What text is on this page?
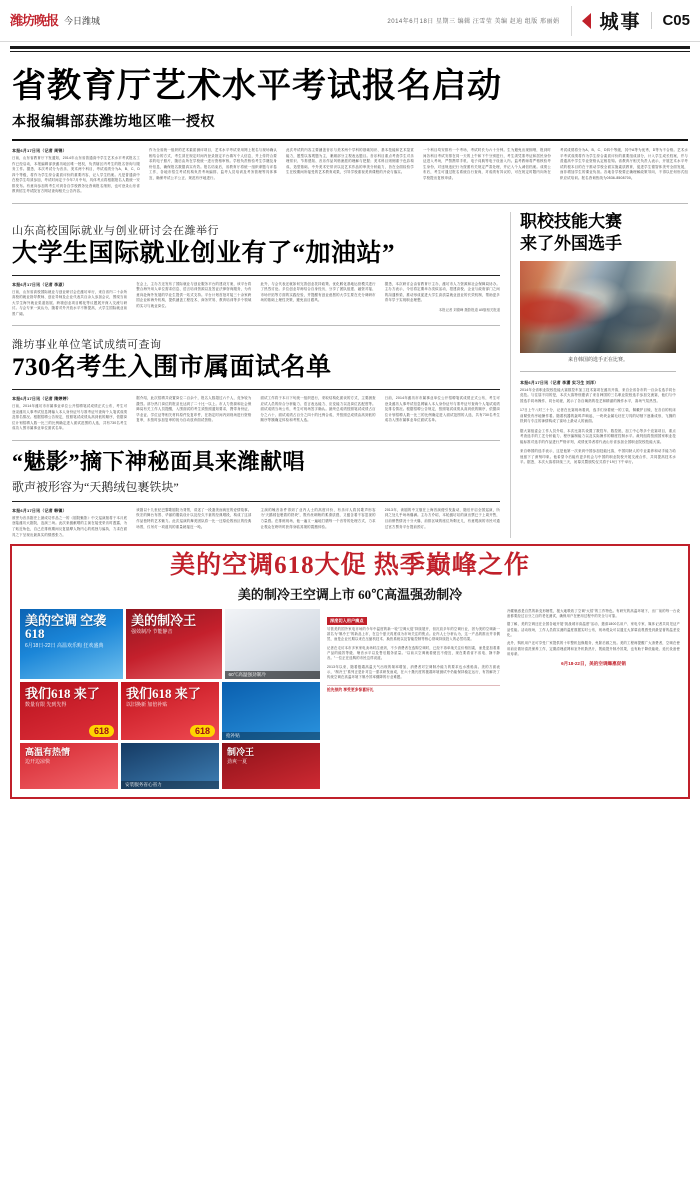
潍坊晚报 今日潍城	2014年6月18日 星期三 编辑 汪雪莹 美编 赵迪 组版 邢丽娟 城事	C05
省教育厅艺术水平考试报名启动
本报编辑部获潍坊地区唯一授权
本报6月17日讯（记者 周锦）
日前，山东省教育厅下发通知，2014年山东省普通高中学生艺术水平考试报名工作已经启动，本报编辑部获潍坊地区唯一授权，负责辖区内考生的报名咨询与服务工作。据悉，本次考试分为音乐、美术两个科目，考试成绩分为A、B、C、D四个等级，将作为学生综合素质评价的重要内容，记入学生档案。凡是普通高中在校学生均须参加，考试时间定于今年7月中旬，具体考点将根据报名人数统一安排发布。有意向参加的考生可到各自学校教务处咨询报名细则，也可登录山东省教育招生考试院官方网站查询相关公告内容。
作为全省统一组织的艺术素质测评项目，艺术水平考试采用网上报名与现场确认相结合的方式，考生须在规定时间内登录指定平台填写个人信息，并上传符合要求的电子照片，随后由所在学校统一进行资格审核。学校负责核验考生学籍及身份信息，确保报名数据真实有效。报名结束后，省教育厅将统一组织命题与评卷工作，各地市招生考试机构负责考场编排、监考人员培训及考务管理等具体事宜，确保考试公平公正、规范有序地进行。
此次考试的内容主要涵盖音乐与美术两个学科的基础知识、基本技能和艺术鉴赏能力，题型以客观题为主，兼顾部分主观表达题目。音乐科目重点考查学生对乐理常识、节奏感知、音乐作品风格流派的理解与把握；美术科目则侧重于色彩构成、造型基础、中外美术史常识以及艺术作品的审美分析能力，旨在全面检验学生在校期间所接受的艺术教育成果，引导学校重视美育课程的开设与落实。
一个科目均安排有一个考场，考试时长为六十分钟。生为避免出现拥堵，报到时间各科目考试安排在同一天的上午和下午分别进行，考生须凭准考证和居民身份证进入考场，严禁携带手机、电子词典等电子设备入内。监考教师将严格核验考生身份，对违规违纪行为按照有关规定严肃处理，并记入个人诚信档案。成绩公布后，考生可通过报名系统自行查询，对成绩有异议的，可在规定时限内向所在学校提出复核申请。
考试成绩将分为A、B、C、D四个等级，其中A等为优秀，D等为不合格。艺术水平考试成绩将作为学生综合素质评价的重要组成部分，计入学生成长档案，并与普通高中学生毕业资格认定相挂钩。省教育厅相关负责人表示，开展艺术水平考试的根本目的在于推动学校全面实施素质教育，促进学生德智体美劳全面发展，而非增加学生的课业负担。各地各学校要正确理解政策导向，不得以任何形式组织应试培训。报名咨询热线为0536-8508700。
山东高校国际就业与创业研讨会在潍举行
大学生国际就业创业有了“加油站”
本报6月17日讯（记者 李淑）
日前，山东省高校国际就业与创业研讨会在潍坊举行，来自省内二十余所高校的就业指导教师、创业导师及企业代表共百余人参加会议，围绕当前大学生海外就业渠道拓展、跨境创业项目孵化等议题展开深入交流与研讨。与会专家一致认为，随着对外开放水平不断提高，大学生国际就业前景广阔。
在会上，主办方还发布了国际就业与创业服务平台的建设方案，该平台将整合海外用人单位需求信息、语言培训资源以及签证法律咨询服务，为有意向赴海外发展的毕业生提供一站式支持。平台计划首批对接三十余家跨国企业和海外机构，提供涵盖工程技术、商务贸易、教育培训等多个领域的实习与就业岗位。
此外，与会代表还就如何完善创业扶持政策、优化孵化基地运营模式进行了热烈讨论。多位创业导师结合自身经历，分享了团队组建、融资对接、市场开拓等方面的实践经验，并提醒有创业意愿的大学生要在充分调研市场的基础上理性决策，避免盲目跟风。
据悉，本次研讨会由省教育厅主办，潍坊市人力资源和社会保障局协办。主办方表示，今后将定期举办类似活动，搭建高校、企业与政府部门之间的沟通桥梁，推动形成促进大学生高质量就业创业的长效机制，帮助更多青年学子实现职业理想。
本报记者 刘德峰 摄影报道 A5版相关报道
潍坊事业单位笔试成绩可查询
730名考生入围市属面试名单
本报6月17日讯（记者 隋婷婷）
日前，2014年潍坊市市属事业单位公开招聘笔试成绩正式公布，考生可登录潍坊人事考试信息网输入本人身份证号与准考证号查询个人笔试成绩及排名情况。根据招聘公告规定，按照笔试成绩从高到低的顺序，依据岗位计划招聘人数一比三的比例确定进入面试范围的人选，共有730名考生成功入围市属事业单位面试名单。
据介绍，此次招聘共设置岗位二百余个，报名人数超过六千人，竞争较为激烈。部分热门岗位的报录比达到了二十比一以上。市人力资源和社会保障局有关工作人员提醒，入围面试的考生须按照通知要求，携带身份证、毕业证、学位证等相关材料原件及复印件，在指定时间内到现场进行资格复审，未按时参加复审的视为自动放弃面试资格。
面试工作将于本月下旬统一组织进行，采取结构化面谈的方式，主要测查应试人员的综合分析能力、语言表达能力、应变能力以及岗位匹配度等。面试成绩当场公布，考生可现场签字确认。最终总成绩按照笔试成绩占百分之六十、面试成绩占百分之四十的比例合成，并按照总成绩由高到低的顺序等额确定体检和考察人选。
日前，2014年潍坊市市属事业单位公开招聘笔试成绩正式公布，考生可登录潍坊人事考试信息网输入本人身份证号与准考证号查询个人笔试成绩及排名情况。根据招聘公告规定，按照笔试成绩从高到低的顺序，依据岗位计划招聘人数一比三的比例确定进入面试范围的人选，共有730名考生成功入围市属事业单位面试名单。
“魅影”摘下神秘面具来潍献唱
歌声被形容为“天鹅绒包裹铁块”
本报6月17日讯（记者 韩镇）
被誉为音乐剧史上最成功作品之一的《剧院魅影》中文巡演版将于本月底登陆潍坊大剧院，连演三场。此次来潍献唱的主演在接受采访时透露，为了贴近角色，自己在排练期间反复揣摩人物内心的孤独与偏执，力求在面具之下呈现出最真实的情感张力。
该剧以十九世纪巴黎歌剧院为背景，讲述了一段凄美而疯狂的爱情故事。恢宏的舞台布景、华丽的服装设计以及经久不衰的经典唱段，构成了这部作品独特的艺术魅力。此次巡演的舞美团队将一比一还原伦敦西区的经典场景，仅吊灯一项道具的重量就接近一吨。
主演的嗓音条件得到了业内人士的高度评价，有乐评人将其歌声形容为“天鹅绒包裹着的铁块”，既有丝绸般的柔滑质感，又蕴含着不容忽视的力量感。在排练现场，他一遍又一遍地打磨每一个音符的处理方式，力求让观众在聆听时获得身临其境的震撼体验。
2013年，该剧的中文版在上海首演便引发轰动，随后开启全国巡演，所到之处几乎场场爆满。主办方介绍，本轮潍坊站的演出票已于上周开售，目前销售情况十分火爆，前排区域的座位所剩无几，有意观演的市民可通过官方票务平台提前预订。
职校技能大赛
来了外国选手
来自韩国的选手正在比赛。
本报6月17日讯（记者 李潇 实习生 刘洋）
2014年全省职业院校技能大赛数控车加工技术赛项在潍坊开赛，来自全省各市的一百余名选手同台竞技。与往届不同的是，本次大赛特别邀请了来自韩国的三名职业院校选手参加交流赛，他们与中国选手同场操作、同台切磋，展示了各自娴熟的技艺和精湛的操作水平，赛场气氛热烈。
17日上午八时三十分，记者在比赛现场看到，选手们身着统一的工装，佩戴护目镜，在各自的机床前紧张有序地操作着。随着机器的轰鸣声响起，一块块金属毛坯在刀具的切削下逐渐成形，飞溅的铁屑与专注的神情构成了赛场上最动人的画面。
据大赛组委会工作人员介绍，本次比赛共设置了数控车、数控铣、加工中心等多个竞赛项目，重点考查选手的工艺分析能力、程序编制能力以及实际操作的精度控制水平。裁判组将按照国家职业技能标准对选手的作品进行严格评判，成绩优异者将代表山东省参加全国职业院校技能大赛。
来自韩国的选手表示，这是他第一次来到中国参加技能比赛，中国同龄人的专业素养和动手能力给他留下了深刻印象。他希望今后能有更多机会与中国的职业院校开展交流合作，共同提高技术水平。据悉，本次大赛将持续三天，闭幕式暨颁奖仪式将于19日下午举行。
美的空调618大促 热季巅峰之作
美的制冷王空调上市 60℃高温强劲制冷
美的空调 空袭618
6月18日-22日 高温欢乐购 狂欢盛典
美的制冷王
强效制冷 节能静音
60℃高温强劲制冷
我们618 来了
数量有限 先到先得
618
我们618 来了
以旧换新 加倍补贴
618	抢补贴
高温有热情
边开边凉快
安装服务省心省力
制冷王
劲爽一夏
深度切入用户痛点
尽管美的国外家电市场的今年中温度的新一轮“空调大促”持续展开，但沉寂多年的空调行业，因为美的空调新一款名为“制冷王”的新品上市，在这个夏天再度成为市场关注的焦点。业内人士分析认为，这一产品的推出并非偶然，而是企业长期以来在压缩机技术、换热系统以及智能控制等核心领域持续投入的必然结果。
记者在走访本市多家家电卖场时注意到，不少消费者在选购空调时，已经不再单纯关注价格因素，而是更加看重产品的能效等级、噪音水平以及售后服务质量。“以前买空调就看便宜不便宜，现在要看省不省电、静不静音。”一位正在选购的市民这样说道。
2013年以来，随着极端高温天气出现的频率增加，消费者对空调制冷能力的要求也水涨船高。美的方面表示，“制冷王”系列正是针对这一需求研发而成，在六十摄氏度的极端环境测试中仍能保持稳定运行，有效解决了传统空调在高温环境下制冷效率骤降的行业难题。
抢先预约 享受更多惊喜好礼
冷藏魅惑是自然的新变形牺牲，极大地吸收了空调“大招”的工作特色。有研究的高温环境下，出厂前的每一台设备都要经过百分之百的老化测试，确保用户在使用过程中的安全与可靠。
据了解，美的空调还在全国各地开展“挑战城市高温度”活动，邀请1800名用户、家电专家、媒体记者共同见证产品性能。活动现场，工作人员将实测的温度数据实时公布，现场观众可以通过大屏幕直观感受到最显著的温差变化。
此外，购机用户还可享受厂家提供的十年整机包修服务，免除后顾之忧。美的工程师提醒广大消费者，空调在使用前应做好清洗保养工作，定期清理滤网和室外机散热片，既能提升制冷效果，也有助于降低能耗、延长设备使用寿命。
6月18-22日，美的空调爆惠促销
